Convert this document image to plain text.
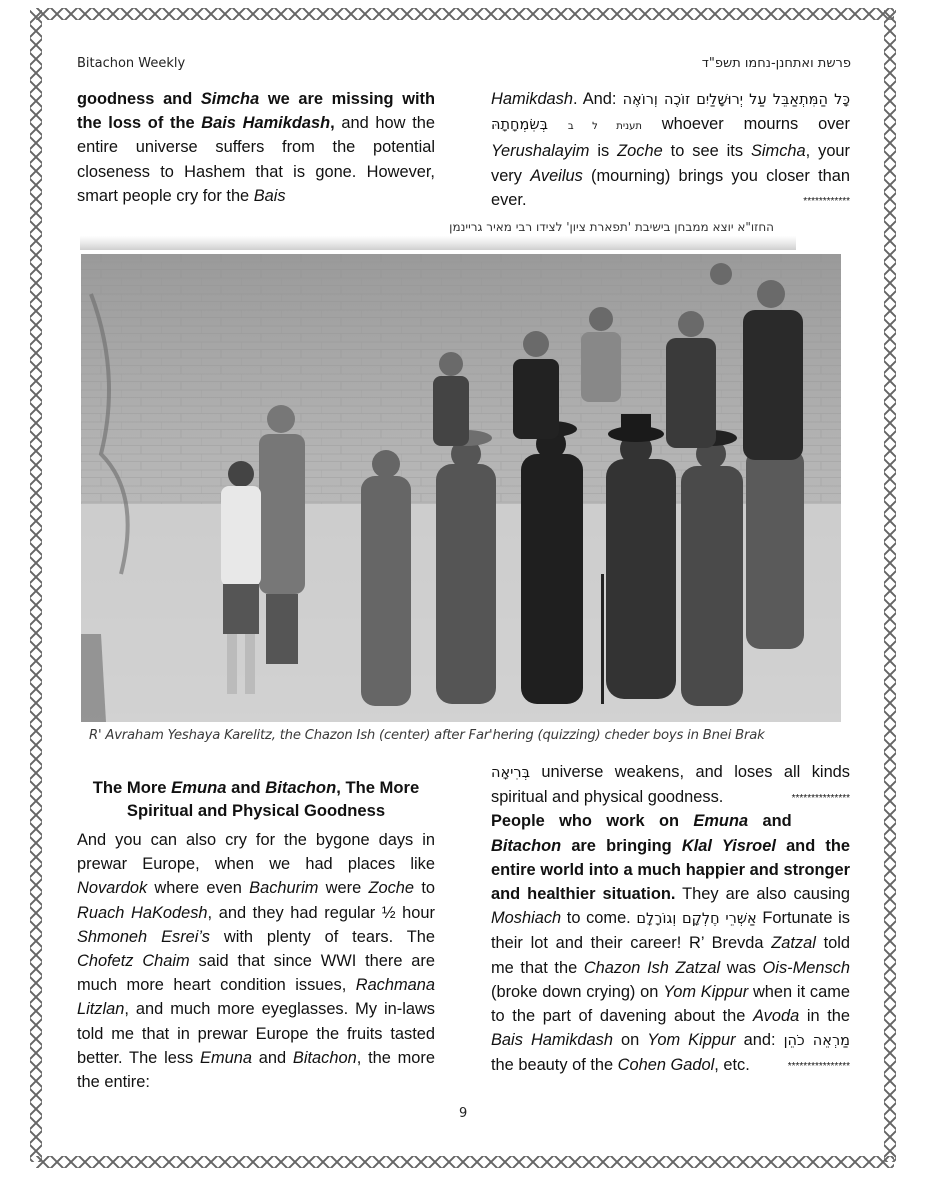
Bitachon Weekly	פרשת ואתחנן-נחמו תשפ"ד

goodness and Simcha we are missing with the loss of the Bais Hamikdash, and how the entire universe suffers from the potential closeness to Hashem that is gone. However, smart people cry for the Bais

Hamikdash. And: כָּל הַמִּתְאַבֵּל עַל יְרוּשָׁלַיִם זוֹכֶה וְרוֹאֶה בְּשִׂמְחָתָהּ תענית ל ב whoever mourns over Yerushalayim is Zoche to see its Simcha, your very Aveilus (mourning) brings you closer than ever.	************

החזו"א יוצא ממבחן בישיבת 'תפארת ציון' לצידו רבי מאיר גריינמן
R' Avraham Yeshaya Karelitz, the Chazon Ish (center) after Far'hering (quizzing) cheder boys in Bnei Brak

The More Emuna and Bitachon, The More Spiritual and Physical Goodness

And you can also cry for the bygone days in prewar Europe, when we had places like Novardok where even Bachurim were Zoche to Ruach HaKodesh, and they had regular ½ hour Shmoneh Esrei’s with plenty of tears. The Chofetz Chaim said that since WWI there are much more heart condition issues, Rachmana Litzlan, and much more eyeglasses. My in-laws told me that in prewar Europe the fruits tasted better. The less Emuna and Bitachon, the more the entire:

בְּרִיאָה universe weakens, and loses all kinds spiritual and physical goodness.	***************

People who work on Emuna and Bitachon are bringing Klal Yisroel and the entire world into a much happier and stronger and healthier situation. They are also causing Moshiach to come. אַשְׁרֵי חֶלְקָם וְגוֹרָלָם Fortunate is their lot and their career! R’ Brevda Zatzal told me that the Chazon Ish Zatzal was Ois-Mensch (broke down crying) on Yom Kippur when it came to the part of davening about the Avoda in the Bais Hamikdash on Yom Kippur and: מַרְאֵה כֹהֵן the beauty of the Cohen Gadol, etc.	****************

9
